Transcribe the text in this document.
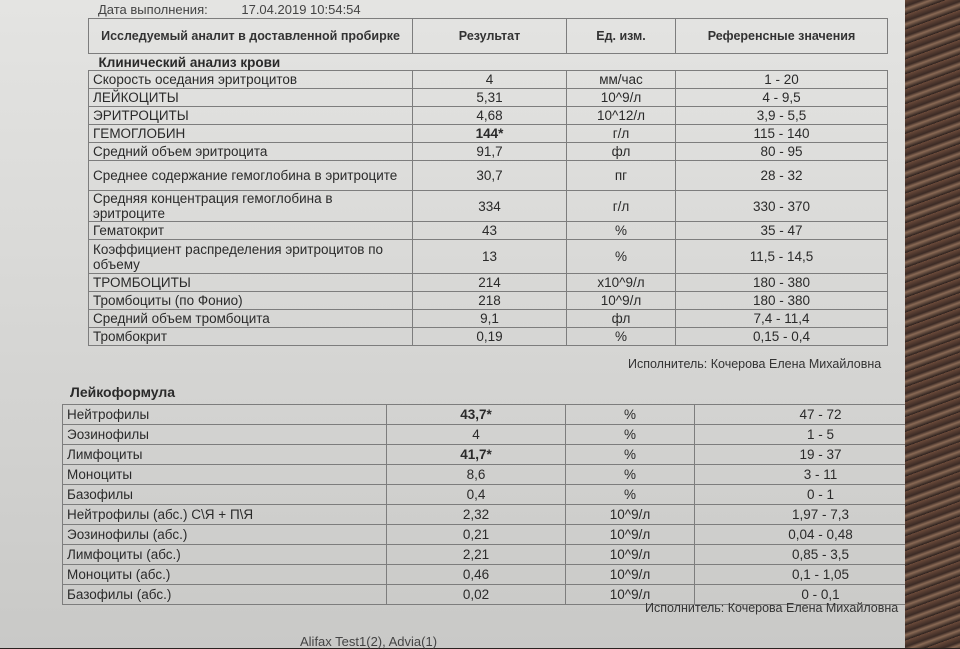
Дата выполнения:	17.04.2019 10:54:54
Исследуемый аналит в доставленной пробирке	Результат	Ед. изм.	Референсные значения
Клинический анализ крови			
Скорость оседания эритроцитов	4	мм/час	1 - 20
ЛЕЙКОЦИТЫ	5,31	10^9/л	4 - 9,5
ЭРИТРОЦИТЫ	4,68	10^12/л	3,9 - 5,5
ГЕМОГЛОБИН	144*	г/л	115 - 140
Средний объем эритроцита	91,7	фл	80 - 95
Среднее содержание гемоглобина в эритроците	30,7	пг	28 - 32
Средняя концентрация гемоглобина в эритроците	334	г/л	330 - 370
Гематокрит	43	%	35 - 47
Коэффициент распределения эритроцитов по объему	13	%	11,5 - 14,5
ТРОМБОЦИТЫ	214	х10^9/л	180 - 380
Тромбоциты (по Фонио)	218	10^9/л	180 - 380
Средний объем тромбоцита	9,1	фл	7,4 - 11,4
Тромбокрит	0,19	%	0,15 - 0,4
Исполнитель: Кочерова Елена Михайловна
Лейкоформула

Нейтрофилы	43,7*	%	47 - 72
Эозинофилы	4	%	1 - 5
Лимфоциты	41,7*	%	19 - 37
Моноциты	8,6	%	3 - 11
Базофилы	0,4	%	0 - 1
Нейтрофилы (абс.) С\Я + П\Я	2,32	10^9/л	1,97 - 7,3
Эозинофилы (абс.)	0,21	10^9/л	0,04 - 0,48
Лимфоциты (абс.)	2,21	10^9/л	0,85 - 3,5
Моноциты (абс.)	0,46	10^9/л	0,1 - 1,05
Базофилы (абс.)	0,02	10^9/л	0 - 0,1
Исполнитель: Кочерова Елена Михайловна
Alifax Test1(2), Advia(1)
